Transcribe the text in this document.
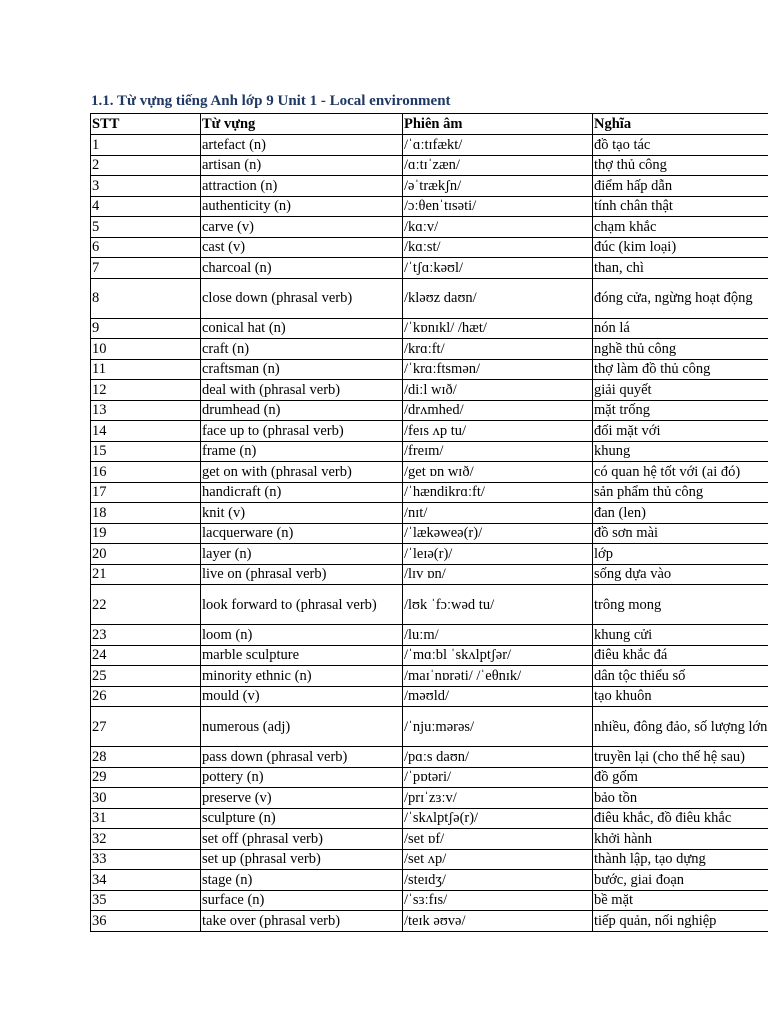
1.1. Từ vựng tiếng Anh lớp 9 Unit 1 - Local environment
STT	Từ vựng	Phiên âm	Nghĩa
1	artefact (n)	/ˈɑːtɪfækt/	đồ tạo tác
2	artisan (n)	/ɑːtɪˈzæn/	thợ thủ công
3	attraction (n)	/əˈtrækʃn/	điểm hấp dẫn
4	authenticity (n)	/ɔːθenˈtɪsəti/	tính chân thật
5	carve (v)	/kɑːv/	chạm khắc
6	cast (v)	/kɑːst/	đúc (kim loại)
7	charcoal (n)	/ˈtʃɑːkəʊl/	than, chì
8	close down (phrasal verb)	/kləʊz daʊn/	đóng cửa, ngừng hoạt động
9	conical hat (n)	/ˈkɒnɪkl/ /hæt/	nón lá
10	craft (n)	/krɑːft/	nghề thủ công
11	craftsman (n)	/ˈkrɑːftsmən/	thợ làm đồ thủ công
12	deal with (phrasal verb)	/diːl wɪð/	giải quyết
13	drumhead (n)	/drʌmhed/	mặt trống
14	face up to (phrasal verb)	/feɪs ʌp tu/	đối mặt với
15	frame (n)	/freɪm/	khung
16	get on with (phrasal verb)	/get ɒn wɪð/	có quan hệ tốt với (ai đó)
17	handicraft (n)	/ˈhændikrɑːft/	sản phẩm thủ công
18	knit (v)	/nɪt/	đan (len)
19	lacquerware (n)	/ˈlækəweə(r)/	đồ sơn mài
20	layer (n)	/ˈleɪə(r)/	lớp
21	live on (phrasal verb)	/lɪv ɒn/	sống dựa vào
22	look forward to (phrasal verb)	/lʊk ˈfɔːwəd tu/	trông mong
23	loom (n)	/luːm/	khung cửi
24	marble sculpture	/ˈmɑːbl ˈskʌlptʃər/	điêu khắc đá
25	minority ethnic (n)	/maɪˈnɒrəti/ /ˈeθnɪk/	dân tộc thiểu số
26	mould (v)	/məʊld/	tạo khuôn
27	numerous (adj)	/ˈnjuːmərəs/	nhiều, đông đảo, số lượng lớn
28	pass down (phrasal verb)	/pɑːs daʊn/	truyền lại (cho thế hệ sau)
29	pottery (n)	/ˈpɒtəri/	đồ gốm
30	preserve (v)	/prɪˈzɜːv/	bảo tồn
31	sculpture (n)	/ˈskʌlptʃə(r)/	điêu khắc, đồ điêu khắc
32	set off (phrasal verb)	/set ɒf/	khởi hành
33	set up (phrasal verb)	/set ʌp/	thành lập, tạo dựng
34	stage (n)	/steɪdʒ/	bước, giai đoạn
35	surface (n)	/ˈsɜːfɪs/	bề mặt
36	take over (phrasal verb)	/teɪk əʊvə/	tiếp quản, nối nghiệp
